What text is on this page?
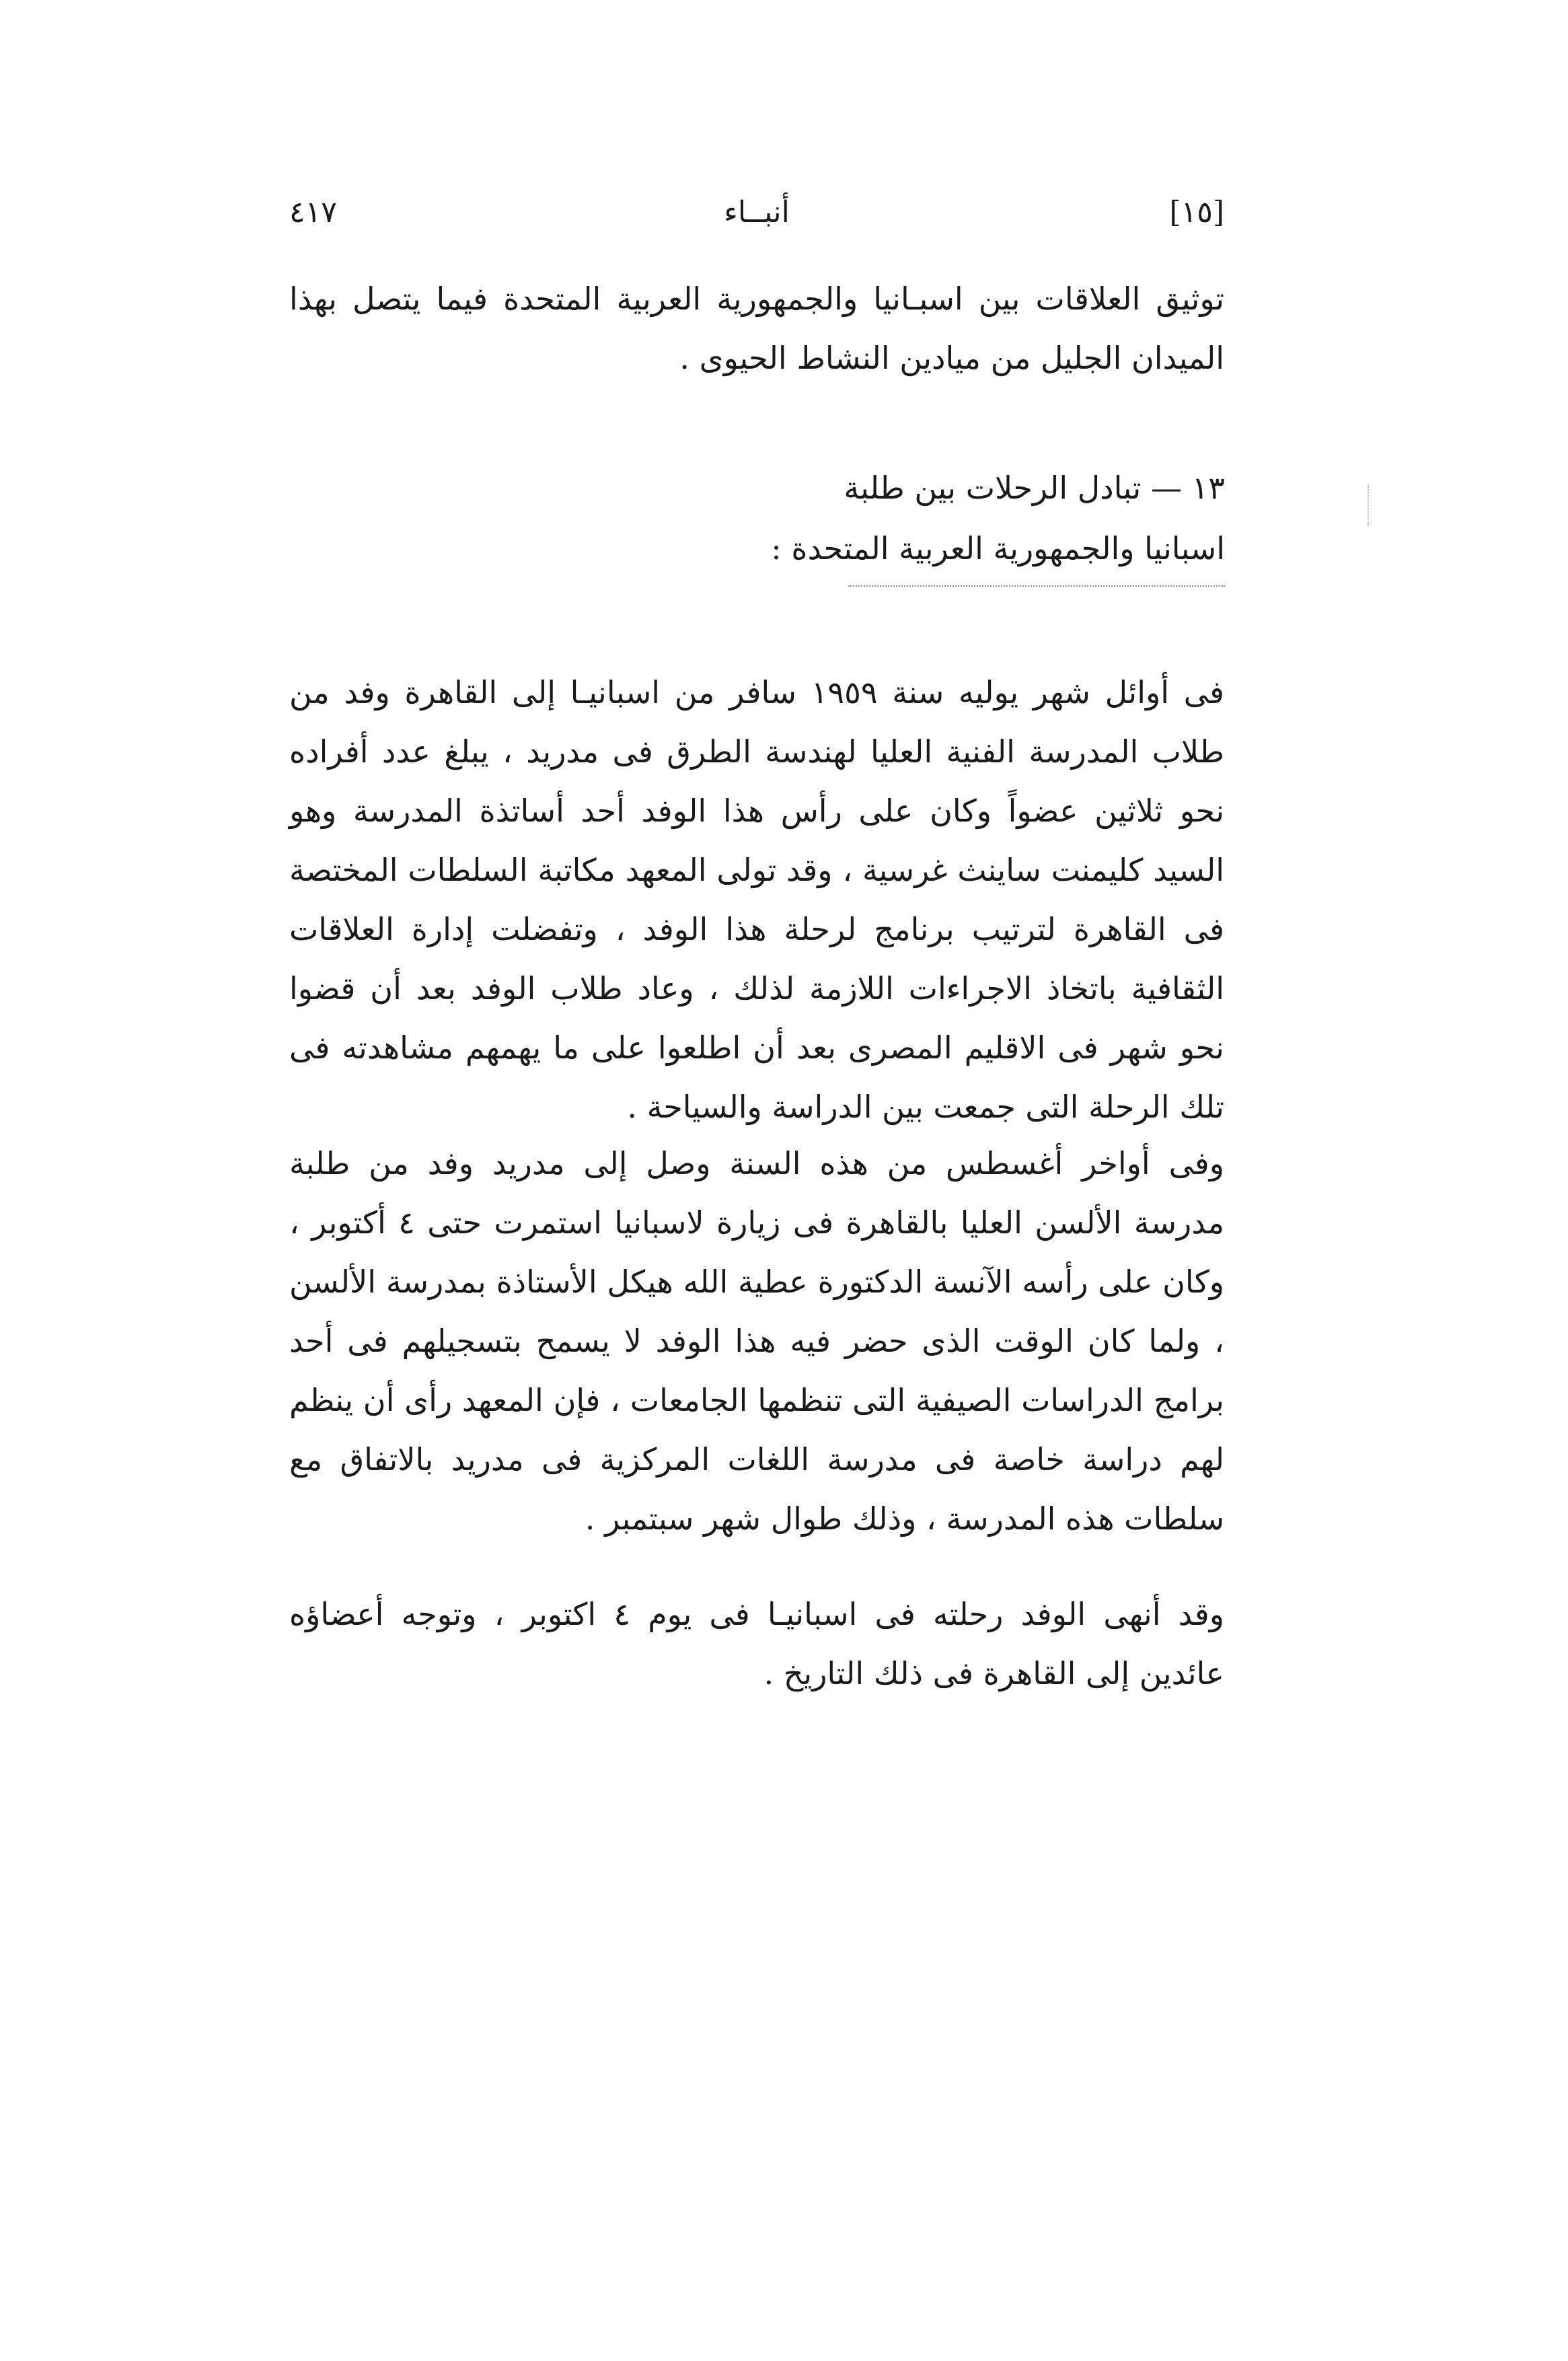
[١٥]
أنبــاء
٤١٧

توثيق العلاقات بين اسبـانيا والجمهورية العربية المتحدة فيما يتصل بهذا الميدان الجليل من ميادين النشاط الحيوى .

١٣ — تبادل الرحلات بين طلبة
اسبانيا والجمهورية العربية المتحدة :

فى أوائل شهر يوليه سنة ١٩٥٩ سافر من اسبانيـا إلى القاهرة وفد من طلاب المدرسة الفنية العليا لهندسة الطرق فى مدريد ، يبلغ عدد أفراده نحو ثلاثين عضواً وكان على رأس هذا الوفد أحد أساتذة المدرسة وهو السيد كليمنت ساينث غرسية ، وقد تولى المعهد مكاتبة السلطات المختصة فى القاهرة لترتيب برنامج لرحلة هذا الوفد ، وتفضلت إدارة العلاقات الثقافية باتخاذ الاجراءات اللازمة لذلك ، وعاد طلاب الوفد بعد أن قضوا نحو شهر فى الاقليم المصرى بعد أن اطلعوا على ما يهمهم مشاهدته فى تلك الرحلة التى جمعت بين الدراسة والسياحة .

وفى أواخر أغسطس من هذه السنة وصل إلى مدريد وفد من طلبة مدرسة الألسن العليا بالقاهرة فى زيارة لاسبانيا استمرت حتى ٤ أكتوبر ، وكان على رأسه الآنسة الدكتورة عطية الله هيكل الأستاذة بمدرسة الألسن ، ولما كان الوقت الذى حضر فيه هذا الوفد لا يسمح بتسجيلهم فى أحد برامج الدراسات الصيفية التى تنظمها الجامعات ، فإن المعهد رأى أن ينظم لهم دراسة خاصة فى مدرسة اللغات المركزية فى مدريد بالاتفاق مع سلطات هذه المدرسة ، وذلك طوال شهر سبتمبر .

وقد أنهى الوفد رحلته فى اسبانيـا فى يوم ٤ اكتوبر ، وتوجه أعضاؤه عائدين إلى القاهرة فى ذلك التاريخ .
